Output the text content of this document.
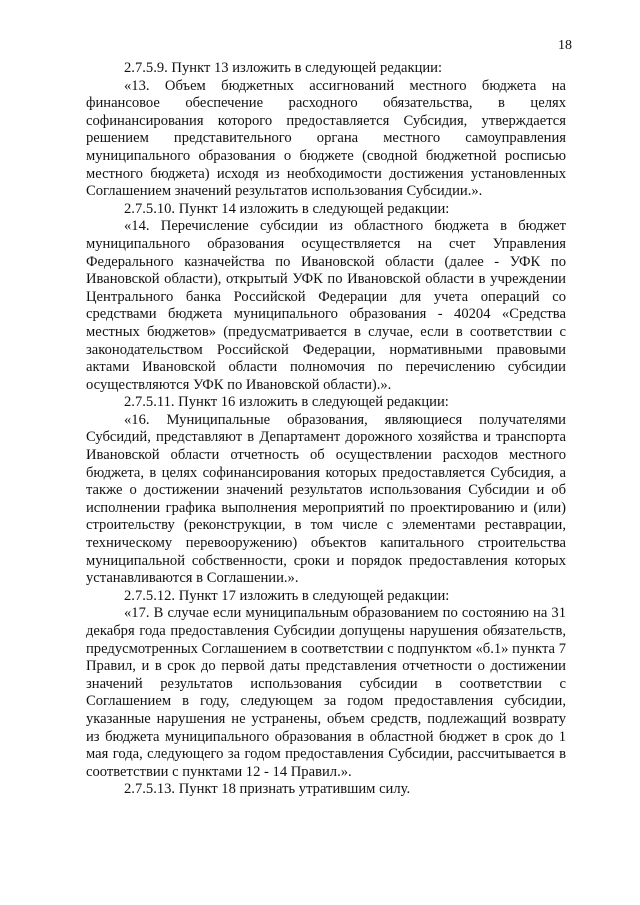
18

2.7.5.9. Пункт 13 изложить в следующей редакции:

«13. Объем бюджетных ассигнований местного бюджета на финансовое обеспечение расходного обязательства, в целях софинансирования которого предоставляется Субсидия, утверждается решением представительного органа местного самоуправления муниципального образования о бюджете (сводной бюджетной росписью местного бюджета) исходя из необходимости достижения установленных Соглашением значений результатов использования Субсидии.».

2.7.5.10. Пункт 14 изложить в следующей редакции:

«14. Перечисление субсидии из областного бюджета в бюджет муниципального образования осуществляется на счет Управления Федерального казначейства по Ивановской области (далее - УФК по Ивановской области), открытый УФК по Ивановской области в учреждении Центрального банка Российской Федерации для учета операций со средствами бюджета муниципального образования - 40204 «Средства местных бюджетов» (предусматривается в случае, если в соответствии с законодательством Российской Федерации, нормативными правовыми актами Ивановской области полномочия по перечислению субсидии осуществляются УФК по Ивановской области).».

2.7.5.11. Пункт 16 изложить в следующей редакции:

«16. Муниципальные образования, являющиеся получателями Субсидий, представляют в Департамент дорожного хозяйства и транспорта Ивановской области отчетность об осуществлении расходов местного бюджета, в целях софинансирования которых предоставляется Субсидия, а также о достижении значений результатов использования Субсидии и об исполнении графика выполнения мероприятий по проектированию и (или) строительству (реконструкции, в том числе с элементами реставрации, техническому перевооружению) объектов капитального строительства муниципальной собственности, сроки и порядок предоставления которых устанавливаются в Соглашении.».

2.7.5.12. Пункт 17 изложить в следующей редакции:

«17. В случае если муниципальным образованием по состоянию на 31 декабря года предоставления Субсидии допущены нарушения обязательств, предусмотренных Соглашением в соответствии с подпунктом «б.1» пункта 7 Правил, и в срок до первой даты представления отчетности о достижении значений результатов использования субсидии в соответствии с Соглашением в году, следующем за годом предоставления субсидии, указанные нарушения не устранены, объем средств, подлежащий возврату из бюджета муниципального образования в областной бюджет в срок до 1 мая года, следующего за годом предоставления Субсидии, рассчитывается в соответствии с пунктами 12 - 14 Правил.».

2.7.5.13. Пункт 18 признать утратившим силу.
